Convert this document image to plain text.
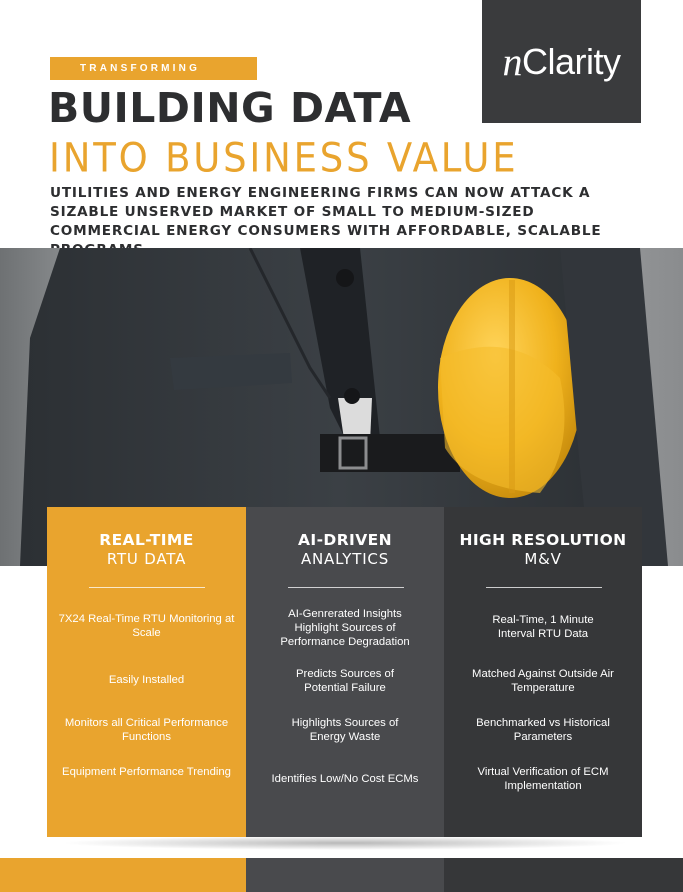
n Clarity
TRANSFORMING
BUILDING DATA
INTO BUSINESS VALUE
UTILITIES AND ENERGY ENGINEERING FIRMS CAN NOW ATTACK A SIZABLE UNSERVED MARKET OF SMALL TO MEDIUM-SIZED COMMERCIAL ENERGY CONSUMERS WITH AFFORDABLE, SCALABLE
REAL-TIME
RTU DATA
7X24 Real-Time RTU Monitoring at Scale
Easily Installed
Monitors all Critical Performance Functions
Equipment Performance Trending
AI-DRIVEN
ANALYTICS
AI-Genrerated Insights Highlight Sources of Performance Degradation
Predicts Sources of Potential Failure
Highlights Sources of Energy Waste
Identifies Low/No Cost ECMs
HIGH RESOLUTION
M&V
Real-Time, 1 Minute Interval RTU Data
Matched Against Outside Air Temperature
Benchmarked vs Historical Parameters
Virtual Verification of ECM Implementation
